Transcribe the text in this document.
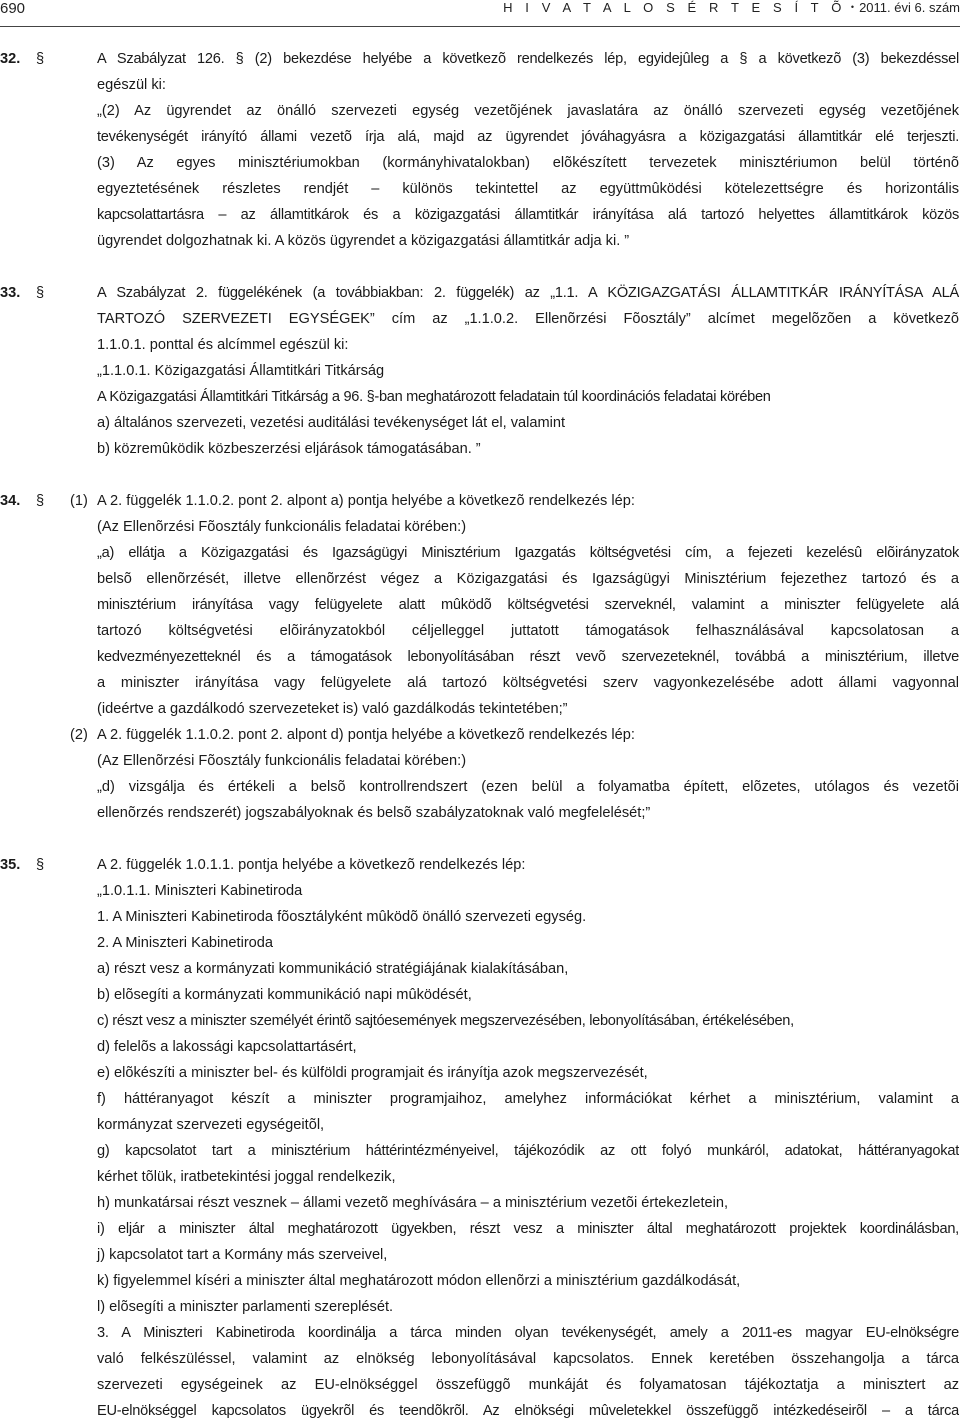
690	H I V A T A L O S É R T E S Í T Õ • 2011. évi 6. szám
32. §	A Szabályzat 126. § (2) bekezdése helyébe a következõ rendelkezés lép, egyidejûleg a § a következõ (3) bekezdéssel
egészül ki:
„(2) Az ügyrendet az önálló szervezeti egység vezetõjének javaslatára az önálló szervezeti egység vezetõjének
tevékenységét irányító állami vezetõ írja alá, majd az ügyrendet jóváhagyásra a közigazgatási államtitkár elé terjeszti.
(3) Az egyes minisztériumokban (kormányhivatalokban) elõkészített tervezetek minisztériumon belül történõ
egyeztetésének részletes rendjét – különös tekintettel az együttmûködési kötelezettségre és horizontális
kapcsolattartásra – az államtitkárok és a közigazgatási államtitkár irányítása alá tartozó helyettes államtitkárok közös
ügyrendet dolgozhatnak ki. A közös ügyrendet a közigazgatási államtitkár adja ki. ”
33. §	A Szabályzat 2. függelékének (a továbbiakban: 2. függelék) az „1.1. A KÖZIGAZGATÁSI ÁLLAMTITKÁR IRÁNYÍTÁSA ALÁ
TARTOZÓ SZERVEZETI EGYSÉGEK” cím az „1.1.0.2. Ellenõrzési Fõosztály” alcímet megelõzõen a következõ
1.1.0.1. ponttal és alcímmel egészül ki:
„1.1.0.1. Közigazgatási Államtitkári Titkárság
A Közigazgatási Államtitkári Titkárság a 96. §-ban meghatározott feladatain túl koordinációs feladatai körében
a) általános szervezeti, vezetési auditálási tevékenységet lát el, valamint
b) közremûködik közbeszerzési eljárások támogatásában. ”
34. § (1) A 2. függelék 1.1.0.2. pont 2. alpont a) pontja helyébe a következõ rendelkezés lép:
(Az Ellenõrzési Fõosztály funkcionális feladatai körében:)
„a) ellátja a Közigazgatási és Igazságügyi Minisztérium Igazgatás költségvetési cím, a fejezeti kezelésû elõirányzatok
belsõ ellenõrzését, illetve ellenõrzést végez a Közigazgatási és Igazságügyi Minisztérium fejezethez tartozó és a
minisztérium irányítása vagy felügyelete alatt mûködõ költségvetési szerveknél, valamint a miniszter felügyelete alá
tartozó költségvetési elõirányzatokból céljelleggel juttatott támogatások felhasználásával kapcsolatosan a
kedvezményezetteknél és a támogatások lebonyolításában részt vevõ szervezeteknél, továbbá a minisztérium, illetve
a miniszter irányítása vagy felügyelete alá tartozó költségvetési szerv vagyonkezelésébe adott állami vagyonnal
(ideértve a gazdálkodó szervezeteket is) való gazdálkodás tekintetében;”
(2) A 2. függelék 1.1.0.2. pont 2. alpont d) pontja helyébe a következõ rendelkezés lép:
(Az Ellenõrzési Fõosztály funkcionális feladatai körében:)
„d) vizsgálja és értékeli a belsõ kontrollrendszert (ezen belül a folyamatba épített, elõzetes, utólagos és vezetõi
ellenõrzés rendszerét) jogszabályoknak és belsõ szabályzatoknak való megfelelését;”
35. §	A 2. függelék 1.0.1.1. pontja helyébe a következõ rendelkezés lép:
„1.0.1.1. Miniszteri Kabinetiroda
1. A Miniszteri Kabinetiroda fõosztályként mûködõ önálló szervezeti egység.
2. A Miniszteri Kabinetiroda
a) részt vesz a kormányzati kommunikáció stratégiájának kialakításában,
b) elõsegíti a kormányzati kommunikáció napi mûködését,
c) részt vesz a miniszter személyét érintõ sajtóesemények megszervezésében, lebonyolításában, értékelésében,
d) felelõs a lakossági kapcsolattartásért,
e) elõkészíti a miniszter bel- és külföldi programjait és irányítja azok megszervezését,
f) háttéranyagot készít a miniszter programjaihoz, amelyhez információkat kérhet a minisztérium, valamint a
kormányzat szervezeti egységeitõl,
g) kapcsolatot tart a minisztérium háttérintézményeivel, tájékozódik az ott folyó munkáról, adatokat, háttéranyagokat
kérhet tõlük, iratbetekintési joggal rendelkezik,
h) munkatársai részt vesznek – állami vezetõ meghívására – a minisztérium vezetõi értekezletein,
i) eljár a miniszter által meghatározott ügyekben, részt vesz a miniszter által meghatározott projektek koordinálásban,
j) kapcsolatot tart a Kormány más szerveivel,
k) figyelemmel kíséri a miniszter által meghatározott módon ellenõrzi a minisztérium gazdálkodását,
l) elõsegíti a miniszter parlamenti szereplését.
3. A Miniszteri Kabinetiroda koordinálja a tárca minden olyan tevékenységét, amely a 2011-es magyar EU-elnökségre
való felkészüléssel, valamint az elnökség lebonyolításával kapcsolatos. Ennek keretében összehangolja a tárca
szervezeti egységeinek az EU-elnökséggel összefüggõ munkáját és folyamatosan tájékoztatja a minisztert az
EU-elnökséggel kapcsolatos ügyekrõl és teendõkrõl. Az elnökségi mûveletekkel összefüggõ intézkedéseirõl – a tárca
